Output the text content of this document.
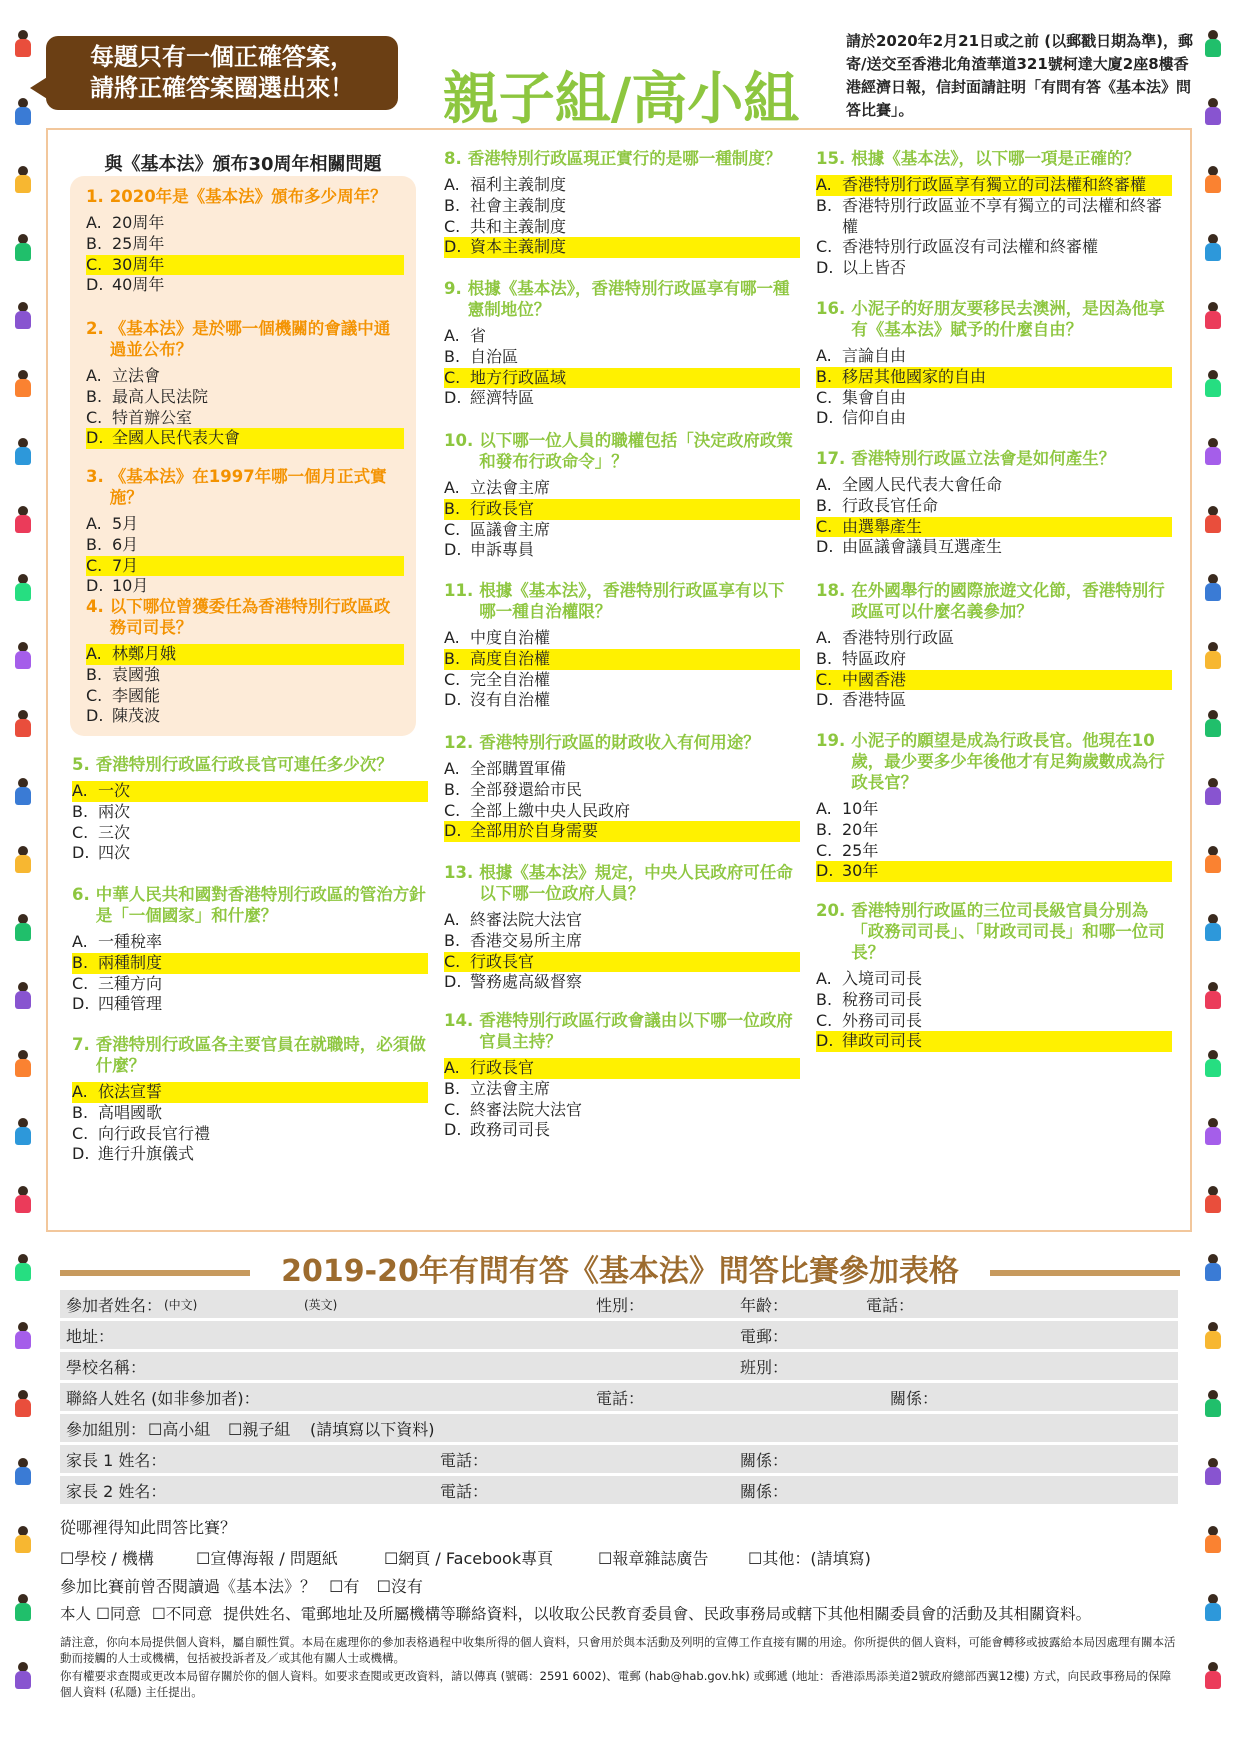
每題只有一個正確答案，
請將正確答案圈選出來！	親子組/高小組
請於2020年2月21日或之前 (以郵戳日期為準)，郵寄/送交至香港北角渣華道321號柯達大廈2座8樓香港經濟日報，信封面請註明「有問有答《基本法》問答比賽」。
與《基本法》頒布30周年相關問題
1. 2020年是《基本法》頒布多少周年？
A. 20周年
B. 25周年
C. 30周年
D. 40周年
2. 《基本法》是於哪一個機關的會議中通過並公布？
A. 立法會
B. 最高人民法院
C. 特首辦公室
D. 全國人民代表大會
3. 《基本法》在1997年哪一個月正式實施？
A. 5月
B. 6月
C. 7月
D. 10月
4. 以下哪位曾獲委任為香港特別行政區政務司司長？
A. 林鄭月娥
B. 袁國強
C. 李國能
D. 陳茂波
5. 香港特別行政區行政長官可連任多少次？
A. 一次
B. 兩次
C. 三次
D. 四次
6. 中華人民共和國對香港特別行政區的管治方針是「一個國家」和什麼？
A. 一種稅率
B. 兩種制度
C. 三種方向
D. 四種管理
7. 香港特別行政區各主要官員在就職時，必須做什麼？
A. 依法宣誓
B. 高唱國歌
C. 向行政長官行禮
D. 進行升旗儀式
8. 香港特別行政區現正實行的是哪一種制度？
A. 福利主義制度
B. 社會主義制度
C. 共和主義制度
D. 資本主義制度
9. 根據《基本法》，香港特別行政區享有哪一種憲制地位？
A. 省
B. 自治區
C. 地方行政區域
D. 經濟特區
10. 以下哪一位人員的職權包括「決定政府政策和發布行政命令」？
A. 立法會主席
B. 行政長官
C. 區議會主席
D. 申訴專員
11. 根據《基本法》，香港特別行政區享有以下哪一種自治權限？
A. 中度自治權
B. 高度自治權
C. 完全自治權
D. 沒有自治權
12. 香港特別行政區的財政收入有何用途？
A. 全部購置軍備
B. 全部發還給市民
C. 全部上繳中央人民政府
D. 全部用於自身需要
13. 根據《基本法》規定，中央人民政府可任命以下哪一位政府人員？
A. 終審法院大法官
B. 香港交易所主席
C. 行政長官
D. 警務處高級督察
14. 香港特別行政區行政會議由以下哪一位政府官員主持？
A. 行政長官
B. 立法會主席
C. 終審法院大法官
D. 政務司司長
15. 根據《基本法》，以下哪一項是正確的？
A. 香港特別行政區享有獨立的司法權和終審權
B. 香港特別行政區並不享有獨立的司法權和終審權
C. 香港特別行政區沒有司法權和終審權
D. 以上皆否
16. 小泥子的好朋友要移民去澳洲，是因為他享有《基本法》賦予的什麼自由？
A. 言論自由
B. 移居其他國家的自由
C. 集會自由
D. 信仰自由
17. 香港特別行政區立法會是如何產生？
A. 全國人民代表大會任命
B. 行政長官任命
C. 由選舉產生
D. 由區議會議員互選產生
18. 在外國舉行的國際旅遊文化節，香港特別行政區可以什麼名義參加？
A. 香港特別行政區
B. 特區政府
C. 中國香港
D. 香港特區
19. 小泥子的願望是成為行政長官。他現在10歲，最少要多少年後他才有足夠歲數成為行政長官？
A. 10年
B. 20年
C. 25年
D. 30年
20. 香港特別行政區的三位司長級官員分別為「政務司司長」、「財政司司長」和哪一位司長？
A. 入境司司長
B. 稅務司司長
C. 外務司司長
D. 律政司司長
2019-20年有問有答《基本法》問答比賽參加表格
參加者姓名： (中文)	(英文)	性別：	年齡：	電話：
地址：	電郵：
學校名稱：	班別：
聯絡人姓名 (如非參加者)：	電話：	關係：
參加組別： ☐高小組 ☐親子組 (請填寫以下資料)
家長 1 姓名：	電話：	關係：
家長 2 姓名：	電話：	關係：
從哪裡得知此問答比賽？
☐學校 / 機構	☐宣傳海報 / 問題紙	☐網頁 / Facebook專頁	☐報章雜誌廣告 ☐其他：(請填寫)
參加比賽前曾否閱讀過《基本法》？ ☐有 ☐沒有
本人 ☐同意 ☐不同意 提供姓名、電郵地址及所屬機構等聯絡資料，以收取公民教育委員會、民政事務局或轄下其他相關委員會的活動及其相關資料。
請注意，你向本局提供個人資料，屬自願性質。本局在處理你的參加表格過程中收集所得的個人資料，只會用於與本活動及列明的宣傳工作直接有關的用途。你所提供的個人資料，可能會轉移或披露給本局因處理有關本活動而接觸的人士或機構，包括被投訴者及／或其他有關人士或機構。
你有權要求查閱或更改本局留存關於你的個人資料。如要求查閱或更改資料，請以傳真 (號碼：2591 6002)、電郵 (hab@hab.gov.hk) 或郵遞 (地址：香港添馬添美道2號政府總部西翼12樓) 方式，向民政事務局的保障個人資料 (私隱) 主任提出。
